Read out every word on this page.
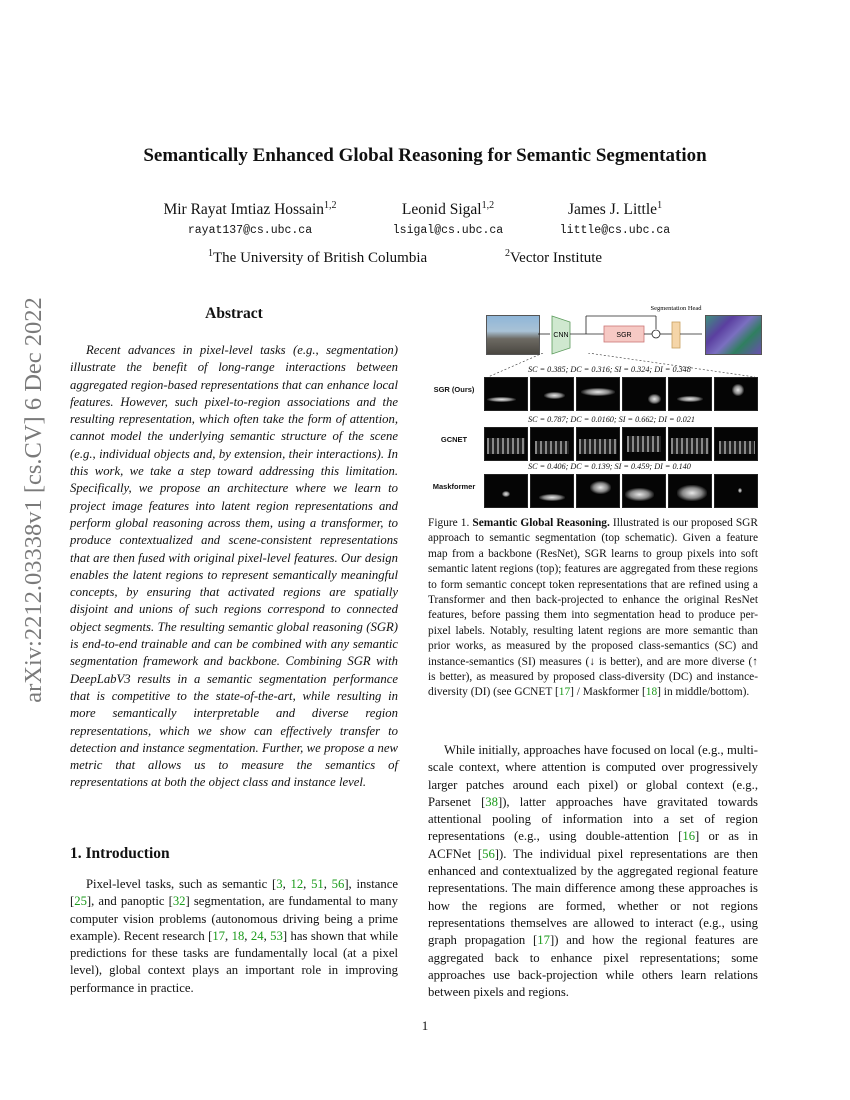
Semantically Enhanced Global Reasoning for Semantic Segmentation
Mir Rayat Imtiaz Hossain$^{1,2}$	Leonid Sigal$^{1,2}$	James J. Little$^1$
rayat137@cs.ubc.ca	lsigal@cs.ubc.ca	little@cs.ubc.ca
$^1$The University of British Columbia	$^2$Vector Institute
arXiv:2212.03338v1 [cs.CV] 6 Dec 2022	Abstract
Recent advances in pixel-level tasks (e.g., segmentation) illustrate the benefit of long-range interactions between aggregated region-based representations that can enhance local features. However, such pixel-to-region associations and the resulting representation, which often take the form of attention, cannot model the underlying semantic structure of the scene (e.g., individual objects and, by extension, their interactions). In this work, we take a step toward addressing this limitation. Specifically, we propose an architecture where we learn to project image features into latent region representations and perform global reasoning across them, using a transformer, to produce contextualized and scene-consistent representations that are then fused with original pixel-level features. Our design enables the latent regions to represent semantically meaningful concepts, by ensuring that activated regions are spatially disjoint and unions of such regions correspond to connected object segments. The resulting semantic global reasoning (SGR) is end-to-end trainable and can be combined with any semantic segmentation framework and backbone. Combining SGR with DeepLabV3 results in a semantic segmentation performance that is competitive to the state-of-the-art, while resulting in more semantically interpretable and diverse region representations, which we show can effectively transfer to detection and instance segmentation. Further, we propose a new metric that allows us to measure the semantics of representations at both the object class and instance level.
1. Introduction
Pixel-level tasks, such as semantic [3, 12, 51, 56], instance [25], and panoptic [32] segmentation, are fundamental to many computer vision problems (autonomous driving being a prime example). Recent research [17, 18, 24, 53] has shown that while predictions for these tasks are fundamentally local (at a pixel level), global context plays an important role in improving performance in practice.
CNN	SGR
Segmentation Head
SGR (Ours)
SC = 0.385; DC = 0.316; SI = 0.324; DI = 0.348
GCNET
SC = 0.787; DC = 0.0160; SI = 0.662; DI = 0.021
Maskformer
SC = 0.406; DC = 0.139; SI = 0.459; DI = 0.140
Figure 1. Semantic Global Reasoning. Illustrated is our proposed SGR approach to semantic segmentation (top schematic). Given a feature map from a backbone (ResNet), SGR learns to group pixels into soft semantic latent regions (top); features are aggregated from these regions to form semantic concept token representations that are refined using a Transformer and then back-projected to enhance the original ResNet features, before passing them into segmentation head to produce per-pixel labels. Notably, resulting latent regions are more semantic than prior works, as measured by the proposed class-semantics (SC) and instance-semantics (SI) measures (↓ is better), and are more diverse (↑ is better), as measured by proposed class-diversity (DC) and instance-diversity (DI) (see GCNET [17] / Maskformer [18] in middle/bottom).
While initially, approaches have focused on local (e.g., multi-scale context, where attention is computed over progressively larger patches around each pixel) or global context (e.g., Parsenet [38]), latter approaches have gravitated towards attentional pooling of information into a set of region representations (e.g., using double-attention [16] or as in ACFNet [56]). The individual pixel representations are then enhanced and contextualized by the aggregated regional feature representations. The main difference among these approaches is how the regions are formed, whether or not regions representations themselves are allowed to interact (e.g., using graph propagation [17]) and how the regional features are aggregated back to enhance pixel representations; some approaches use back-projection while others learn relations between pixels and regions.
1
